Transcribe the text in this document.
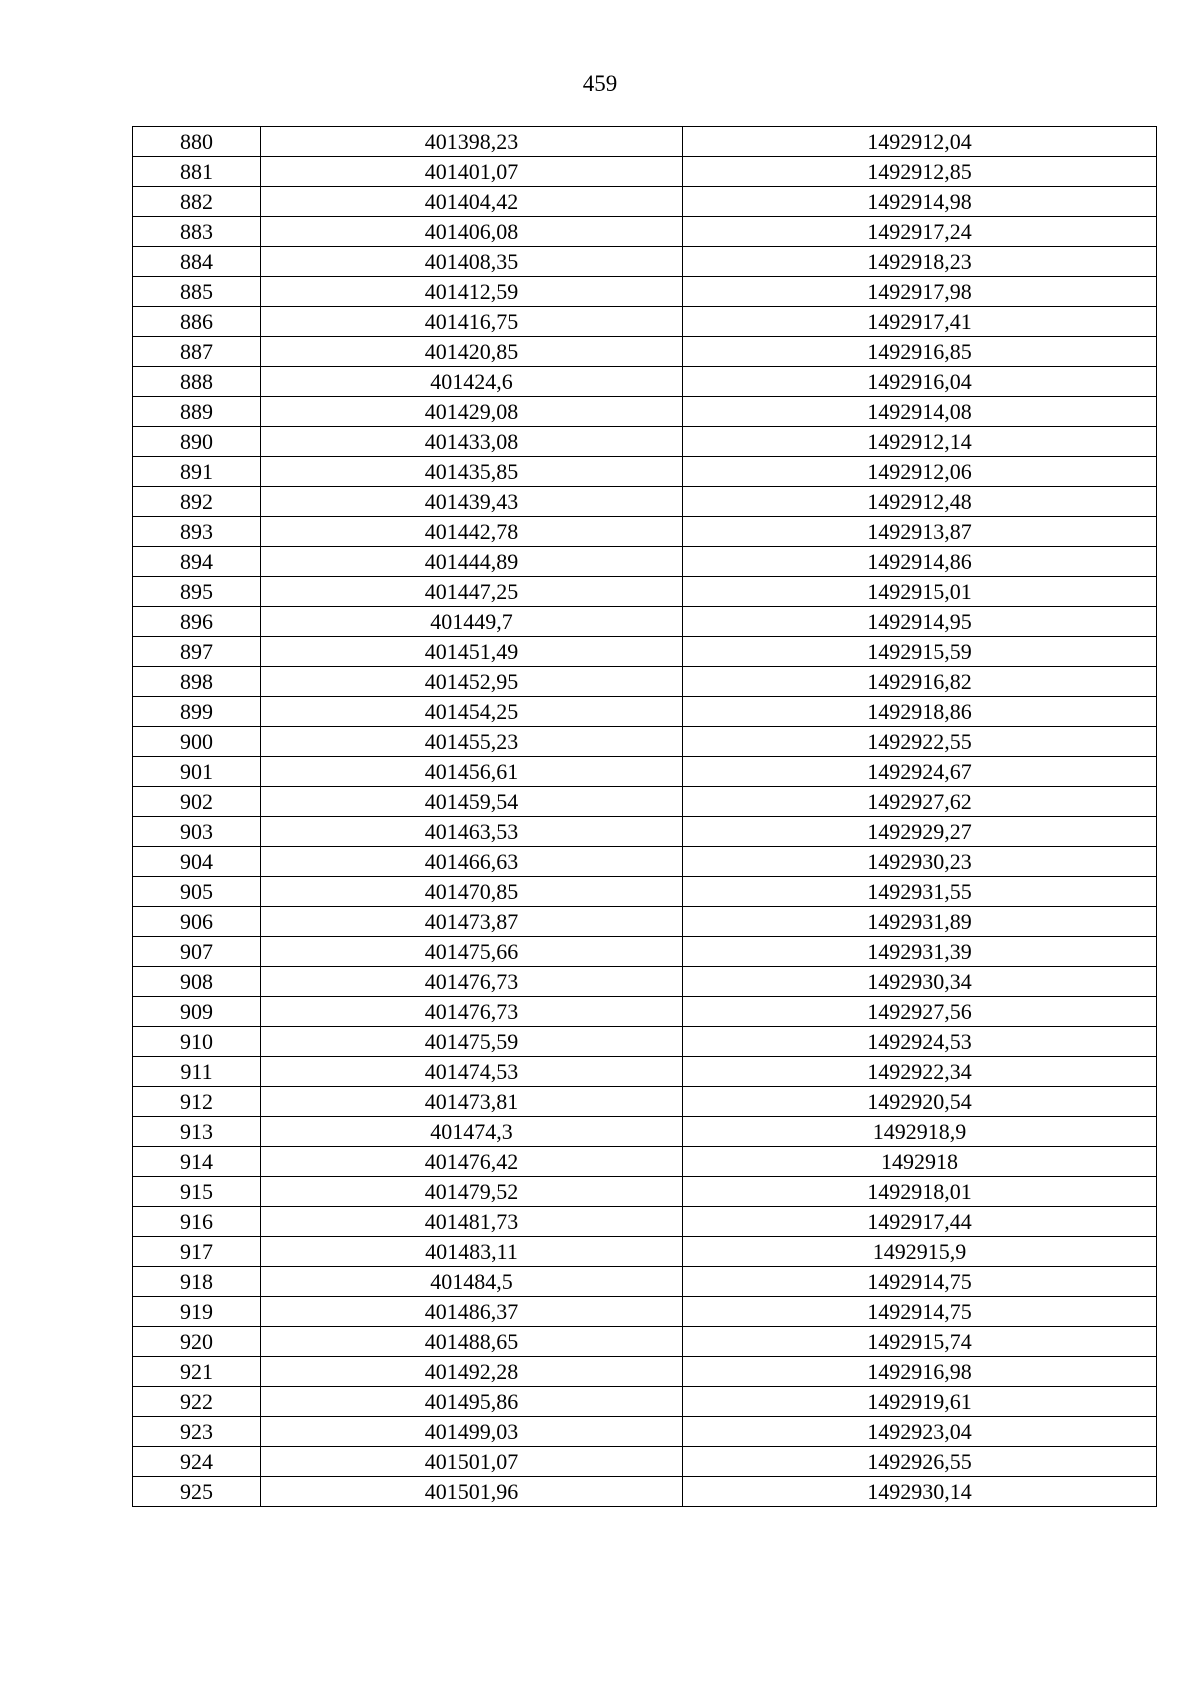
459
880	401398,23	1492912,04
881	401401,07	1492912,85
882	401404,42	1492914,98
883	401406,08	1492917,24
884	401408,35	1492918,23
885	401412,59	1492917,98
886	401416,75	1492917,41
887	401420,85	1492916,85
888	401424,6	1492916,04
889	401429,08	1492914,08
890	401433,08	1492912,14
891	401435,85	1492912,06
892	401439,43	1492912,48
893	401442,78	1492913,87
894	401444,89	1492914,86
895	401447,25	1492915,01
896	401449,7	1492914,95
897	401451,49	1492915,59
898	401452,95	1492916,82
899	401454,25	1492918,86
900	401455,23	1492922,55
901	401456,61	1492924,67
902	401459,54	1492927,62
903	401463,53	1492929,27
904	401466,63	1492930,23
905	401470,85	1492931,55
906	401473,87	1492931,89
907	401475,66	1492931,39
908	401476,73	1492930,34
909	401476,73	1492927,56
910	401475,59	1492924,53
911	401474,53	1492922,34
912	401473,81	1492920,54
913	401474,3	1492918,9
914	401476,42	1492918
915	401479,52	1492918,01
916	401481,73	1492917,44
917	401483,11	1492915,9
918	401484,5	1492914,75
919	401486,37	1492914,75
920	401488,65	1492915,74
921	401492,28	1492916,98
922	401495,86	1492919,61
923	401499,03	1492923,04
924	401501,07	1492926,55
925	401501,96	1492930,14
